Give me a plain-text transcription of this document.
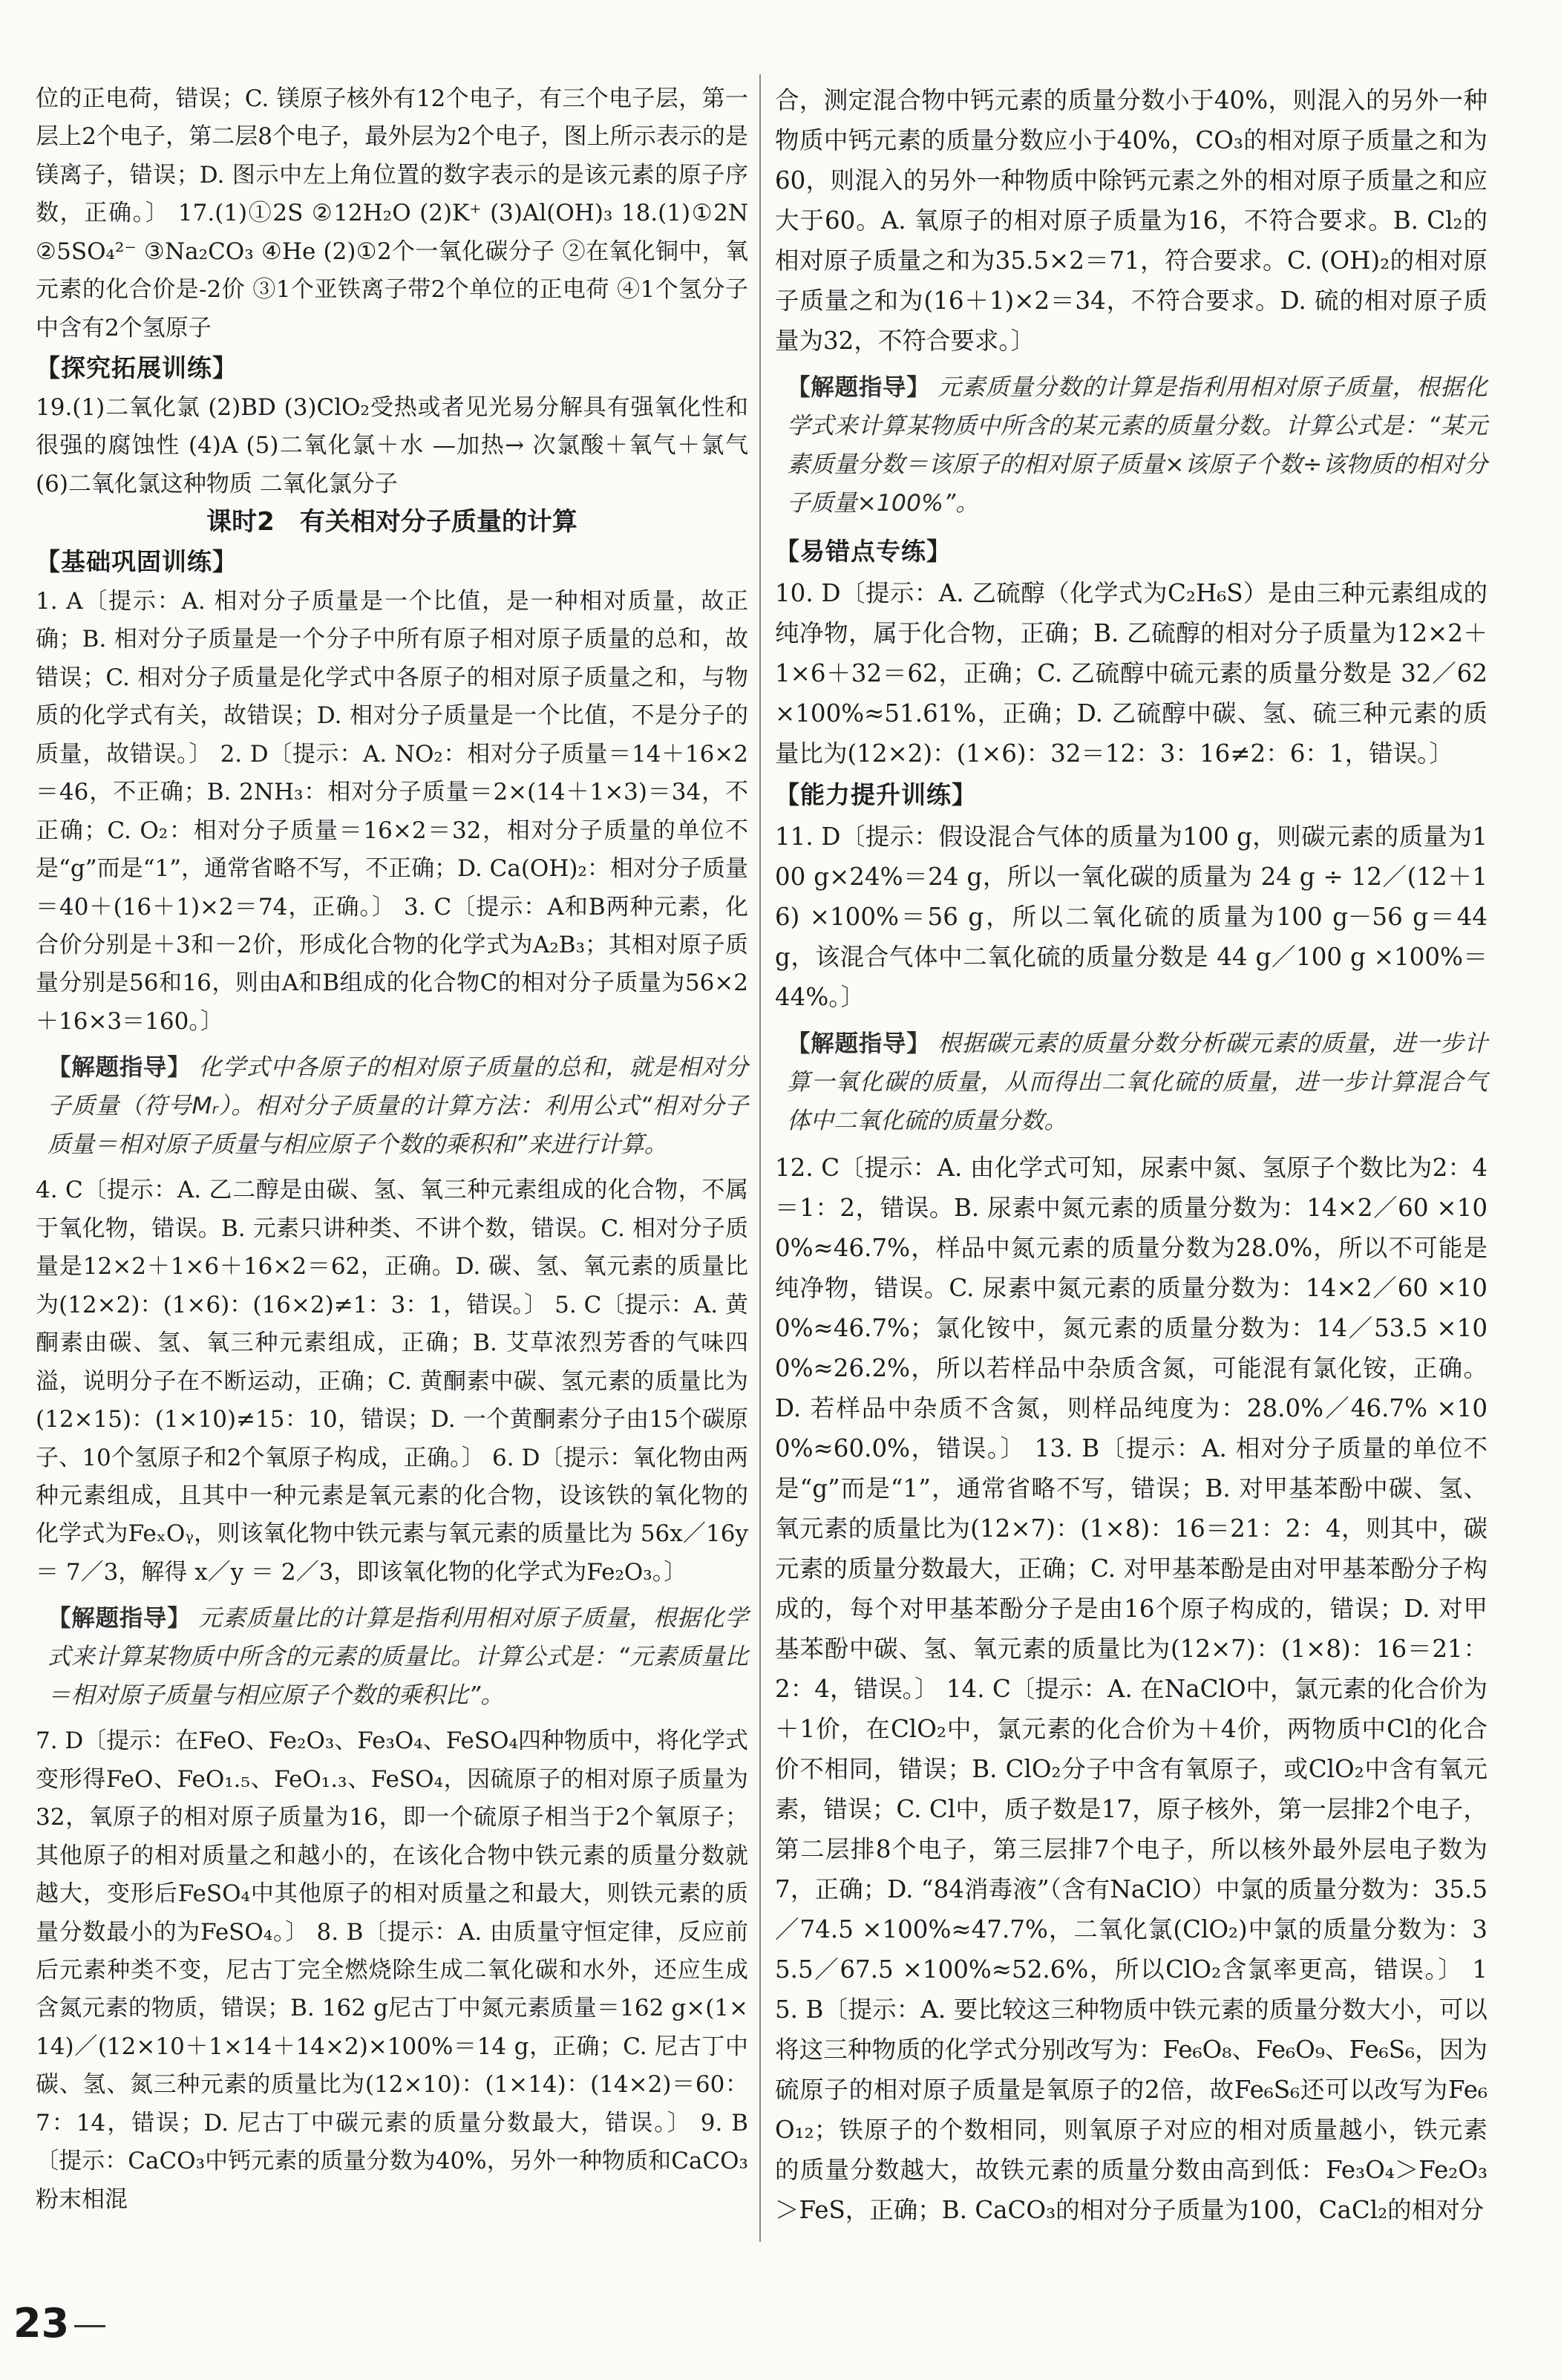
位的正电荷，错误；C. 镁原子核外有12个电子，有三个电子层，第一层上2个电子，第二层8个电子，最外层为2个电子，图上所示表示的是镁离子，错误；D. 图示中左上角位置的数字表示的是该元素的原子序数，正确。〕 17.(1)①2S ②12H₂O (2)K⁺ (3)Al(OH)₃ 18.(1)①2N ②5SO₄²⁻ ③Na₂CO₃ ④He (2)①2个一氧化碳分子 ②在氧化铜中，氧元素的化合价是-2价 ③1个亚铁离子带2个单位的正电荷 ④1个氢分子中含有2个氢原子

【探究拓展训练】

19.(1)二氧化氯 (2)BD (3)ClO₂受热或者见光易分解具有强氧化性和很强的腐蚀性 (4)A (5)二氧化氯＋水 —加热→ 次氯酸＋氧气＋氯气 (6)二氧化氯这种物质 二氧化氯分子

课时2　有关相对分子质量的计算
【基础巩固训练】

1. A〔提示：A. 相对分子质量是一个比值，是一种相对质量，故正确；B. 相对分子质量是一个分子中所有原子相对原子质量的总和，故错误；C. 相对分子质量是化学式中各原子的相对原子质量之和，与物质的化学式有关，故错误；D. 相对分子质量是一个比值，不是分子的质量，故错误。〕 2. D〔提示：A. NO₂：相对分子质量＝14＋16×2＝46，不正确；B. 2NH₃：相对分子质量＝2×(14＋1×3)＝34，不正确；C. O₂：相对分子质量＝16×2＝32，相对分子质量的单位不是“g”而是“1”，通常省略不写，不正确；D. Ca(OH)₂：相对分子质量＝40＋(16＋1)×2＝74，正确。〕 3. C〔提示：A和B两种元素，化合价分别是＋3和－2价，形成化合物的化学式为A₂B₃；其相对原子质量分别是56和16，则由A和B组成的化合物C的相对分子质量为56×2＋16×3＝160。〕

【解题指导】 化学式中各原子的相对原子质量的总和，就是相对分子质量（符号Mᵣ）。相对分子质量的计算方法：利用公式“相对分子质量＝相对原子质量与相应原子个数的乘积和”来进行计算。

4. C〔提示：A. 乙二醇是由碳、氢、氧三种元素组成的化合物，不属于氧化物，错误。B. 元素只讲种类、不讲个数，错误。C. 相对分子质量是12×2＋1×6＋16×2＝62，正确。D. 碳、氢、氧元素的质量比为(12×2)：(1×6)：(16×2)≠1：3：1，错误。〕 5. C〔提示：A. 黄酮素由碳、氢、氧三种元素组成，正确；B. 艾草浓烈芳香的气味四溢，说明分子在不断运动，正确；C. 黄酮素中碳、氢元素的质量比为(12×15)：(1×10)≠15：10，错误；D. 一个黄酮素分子由15个碳原子、10个氢原子和2个氧原子构成，正确。〕 6. D〔提示：氧化物由两种元素组成，且其中一种元素是氧元素的化合物，设该铁的氧化物的化学式为FeₓOᵧ，则该氧化物中铁元素与氧元素的质量比为 56x／16y ＝ 7／3，解得 x／y ＝ 2／3，即该氧化物的化学式为Fe₂O₃。〕

【解题指导】 元素质量比的计算是指利用相对原子质量，根据化学式来计算某物质中所含的元素的质量比。计算公式是：“元素质量比＝相对原子质量与相应原子个数的乘积比”。

7. D〔提示：在FeO、Fe₂O₃、Fe₃O₄、FeSO₄四种物质中，将化学式变形得FeO、FeO₁.₅、FeO₁.₃、FeSO₄，因硫原子的相对原子质量为32，氧原子的相对原子质量为16，即一个硫原子相当于2个氧原子；其他原子的相对质量之和越小的，在该化合物中铁元素的质量分数就越大，变形后FeSO₄中其他原子的相对质量之和最大，则铁元素的质量分数最小的为FeSO₄。〕 8. B〔提示：A. 由质量守恒定律，反应前后元素种类不变，尼古丁完全燃烧除生成二氧化碳和水外，还应生成含氮元素的物质，错误；B. 162 g尼古丁中氮元素质量＝162 g×(1×14)／(12×10＋1×14＋14×2)×100%＝14 g，正确；C. 尼古丁中碳、氢、氮三种元素的质量比为(12×10)：(1×14)：(14×2)＝60：7：14，错误；D. 尼古丁中碳元素的质量分数最大，错误。〕 9. B〔提示：CaCO₃中钙元素的质量分数为40%，另外一种物质和CaCO₃粉末相混

合，测定混合物中钙元素的质量分数小于40%，则混入的另外一种物质中钙元素的质量分数应小于40%，CO₃的相对原子质量之和为60，则混入的另外一种物质中除钙元素之外的相对原子质量之和应大于60。A. 氧原子的相对原子质量为16，不符合要求。B. Cl₂的相对原子质量之和为35.5×2＝71，符合要求。C. (OH)₂的相对原子质量之和为(16＋1)×2＝34，不符合要求。D. 硫的相对原子质量为32，不符合要求。〕

【解题指导】 元素质量分数的计算是指利用相对原子质量，根据化学式来计算某物质中所含的某元素的质量分数。计算公式是：“某元素质量分数＝该原子的相对原子质量×该原子个数÷该物质的相对分子质量×100%”。
【易错点专练】

10. D〔提示：A. 乙硫醇（化学式为C₂H₆S）是由三种元素组成的纯净物，属于化合物，正确；B. 乙硫醇的相对分子质量为12×2＋1×6＋32＝62，正确；C. 乙硫醇中硫元素的质量分数是 32／62 ×100%≈51.61%，正确；D. 乙硫醇中碳、氢、硫三种元素的质量比为(12×2)：(1×6)：32＝12：3：16≠2：6：1，错误。〕

【能力提升训练】

11. D〔提示：假设混合气体的质量为100 g，则碳元素的质量为100 g×24%＝24 g，所以一氧化碳的质量为 24 g ÷ 12／(12＋16) ×100%＝56 g，所以二氧化硫的质量为100 g－56 g＝44 g，该混合气体中二氧化硫的质量分数是 44 g／100 g ×100%＝44%。〕

【解题指导】 根据碳元素的质量分数分析碳元素的质量，进一步计算一氧化碳的质量，从而得出二氧化硫的质量，进一步计算混合气体中二氧化硫的质量分数。

12. C〔提示：A. 由化学式可知，尿素中氮、氢原子个数比为2：4＝1：2，错误。B. 尿素中氮元素的质量分数为：14×2／60 ×100%≈46.7%，样品中氮元素的质量分数为28.0%，所以不可能是纯净物，错误。C. 尿素中氮元素的质量分数为：14×2／60 ×100%≈46.7%；氯化铵中，氮元素的质量分数为：14／53.5 ×100%≈26.2%，所以若样品中杂质含氮，可能混有氯化铵，正确。D. 若样品中杂质不含氮，则样品纯度为：28.0%／46.7% ×100%≈60.0%，错误。〕 13. B〔提示：A. 相对分子质量的单位不是“g”而是“1”，通常省略不写，错误；B. 对甲基苯酚中碳、氢、氧元素的质量比为(12×7)：(1×8)：16＝21：2：4，则其中，碳元素的质量分数最大，正确；C. 对甲基苯酚是由对甲基苯酚分子构成的，每个对甲基苯酚分子是由16个原子构成的，错误；D. 对甲基苯酚中碳、氢、氧元素的质量比为(12×7)：(1×8)：16＝21：2：4，错误。〕 14. C〔提示：A. 在NaClO中，氯元素的化合价为＋1价，在ClO₂中，氯元素的化合价为＋4价，两物质中Cl的化合价不相同，错误；B. ClO₂分子中含有氧原子，或ClO₂中含有氧元素，错误；C. Cl中，质子数是17，原子核外，第一层排2个电子，第二层排8个电子，第三层排7个电子，所以核外最外层电子数为7，正确；D. “84消毒液”（含有NaClO）中氯的质量分数为：35.5／74.5 ×100%≈47.7%，二氧化氯(ClO₂)中氯的质量分数为：35.5／67.5 ×100%≈52.6%，所以ClO₂含氯率更高，错误。〕 15. B〔提示：A. 要比较这三种物质中铁元素的质量分数大小，可以将这三种物质的化学式分别改写为：Fe₆O₈、Fe₆O₉、Fe₆S₆，因为硫原子的相对原子质量是氧原子的2倍，故Fe₆S₆还可以改写为Fe₆O₁₂；铁原子的个数相同，则氧原子对应的相对质量越小，铁元素的质量分数越大，故铁元素的质量分数由高到低：Fe₃O₄＞Fe₂O₃＞FeS，正确；B. CaCO₃的相对分子质量为100，CaCl₂的相对分

23
